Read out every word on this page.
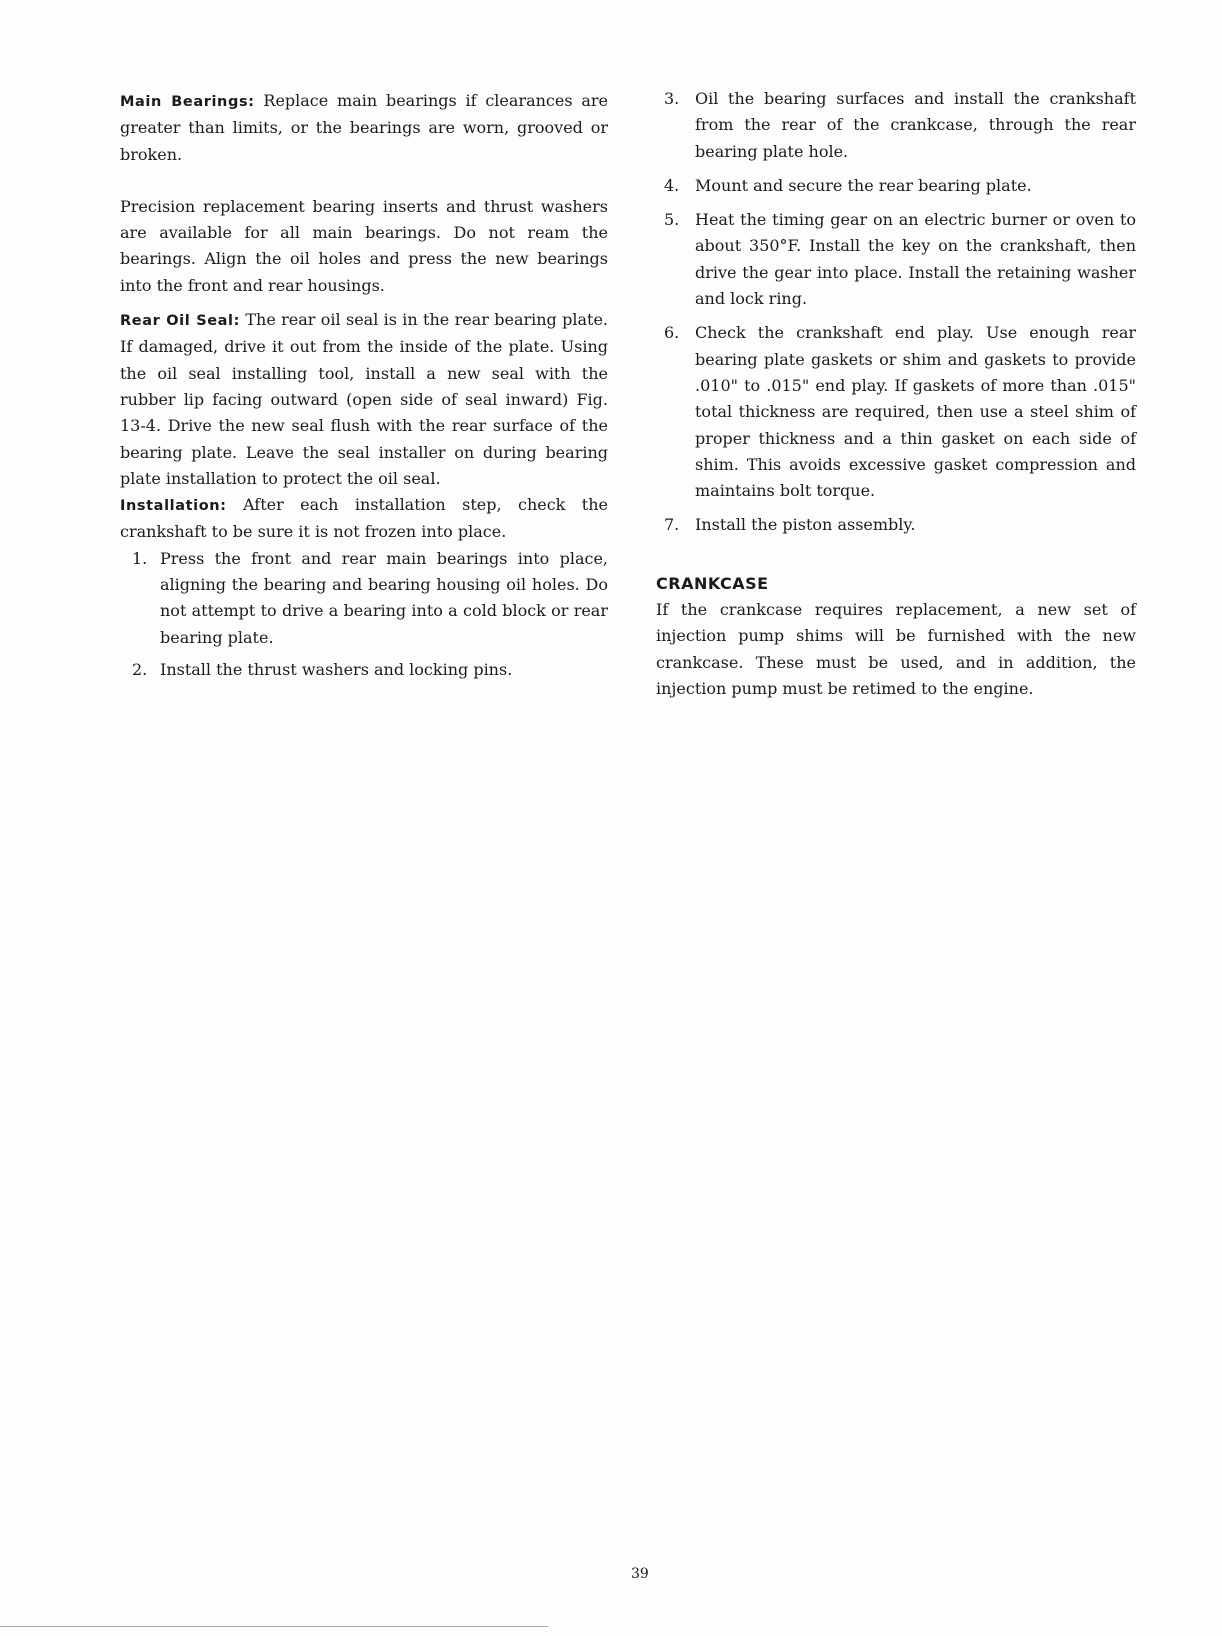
Main Bearings: Replace main bearings if clearances are greater than limits, or the bearings are worn, grooved or broken.

Precision replacement bearing inserts and thrust washers are available for all main bearings. Do not ream the bearings. Align the oil holes and press the new bearings into the front and rear housings.

Rear Oil Seal: The rear oil seal is in the rear bearing plate. If damaged, drive it out from the inside of the plate. Using the oil seal installing tool, install a new seal with the rubber lip facing outward (open side of seal inward) Fig. 13-4. Drive the new seal flush with the rear surface of the bearing plate. Leave the seal installer on during bearing plate installation to protect the oil seal.

Installation: After each installation step, check the crankshaft to be sure it is not frozen into place.

1. Press the front and rear main bearings into place, aligning the bearing and bearing housing oil holes. Do not attempt to drive a bearing into a cold block or rear bearing plate.
2. Install the thrust washers and locking pins.
3. Oil the bearing surfaces and install the crankshaft from the rear of the crankcase, through the rear bearing plate hole.
4. Mount and secure the rear bearing plate.
5. Heat the timing gear on an electric burner or oven to about 350°F. Install the key on the crankshaft, then drive the gear into place. Install the retaining washer and lock ring.
6. Check the crankshaft end play. Use enough rear bearing plate gaskets or shim and gaskets to provide .010" to .015" end play. If gaskets of more than .015" total thickness are required, then use a steel shim of proper thickness and a thin gasket on each side of shim. This avoids excessive gasket compression and maintains bolt torque.
7. Install the piston assembly.
CRANKCASE

If the crankcase requires replacement, a new set of injection pump shims will be furnished with the new crankcase. These must be used, and in addition, the injection pump must be retimed to the engine.

39
